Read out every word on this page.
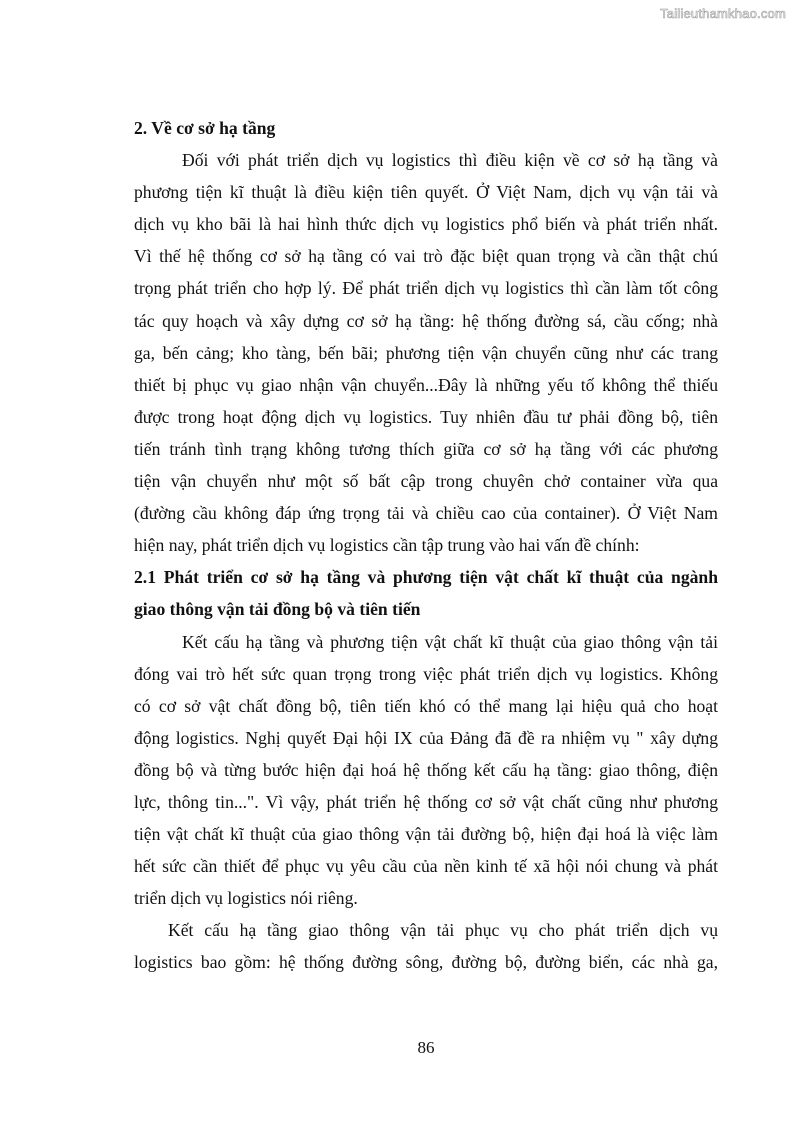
Tailieuthamkhao.com
2. Về cơ sở hạ tầng
Đối với phát triển dịch vụ logistics thì điều kiện về cơ sở hạ tầng và
phương tiện kĩ thuật là điều kiện tiên quyết. Ở Việt Nam, dịch vụ vận tải và
dịch vụ kho bãi là hai hình thức dịch vụ logistics phổ biến và phát triển nhất.
Vì thế hệ thống cơ sở hạ tầng có vai trò đặc biệt quan trọng và cần thật chú
trọng phát triển cho hợp lý. Để phát triển dịch vụ logistics thì cần làm tốt công
tác quy hoạch và xây dựng cơ sở hạ tầng: hệ thống đường sá, cầu cống; nhà
ga, bến cảng; kho tàng, bến bãi; phương tiện vận chuyển cũng như các trang
thiết bị phục vụ giao nhận vận chuyển...Đây là những yếu tố không thể thiếu
được trong hoạt động dịch vụ logistics. Tuy nhiên đầu tư phải đồng bộ, tiên
tiến tránh tình trạng không tương thích giữa cơ sở hạ tầng với các phương
tiện vận chuyển như một số bất cập trong chuyên chở container vừa qua
(đường cầu không đáp ứng trọng tải và chiều cao của container). Ở Việt Nam
hiện nay, phát triển dịch vụ logistics cần tập trung vào hai vấn đề chính:
2.1 Phát triển cơ sở hạ tầng và phương tiện vật chất kĩ thuật của ngành
giao thông vận tải đồng bộ và tiên tiến
Kết cấu hạ tầng và phương tiện vật chất kĩ thuật của giao thông vận tải
đóng vai trò hết sức quan trọng trong việc phát triển dịch vụ logistics. Không
có cơ sở vật chất đồng bộ, tiên tiến khó có thể mang lại hiệu quả cho hoạt
động logistics. Nghị quyết Đại hội IX của Đảng đã đề ra nhiệm vụ " xây dựng
đồng bộ và từng bước hiện đại hoá hệ thống kết cấu hạ tầng: giao thông, điện
lực, thông tin...". Vì vậy, phát triển hệ thống cơ sở vật chất cũng như phương
tiện vật chất kĩ thuật của giao thông vận tải đường bộ, hiện đại hoá là việc làm
hết sức cần thiết để phục vụ yêu cầu của nền kinh tế xã hội nói chung và phát
triển dịch vụ logistics nói riêng.
Kết cấu hạ tầng giao thông vận tải phục vụ cho phát triển dịch vụ
logistics bao gồm: hệ thống đường sông, đường bộ, đường biển, các nhà ga,
86
